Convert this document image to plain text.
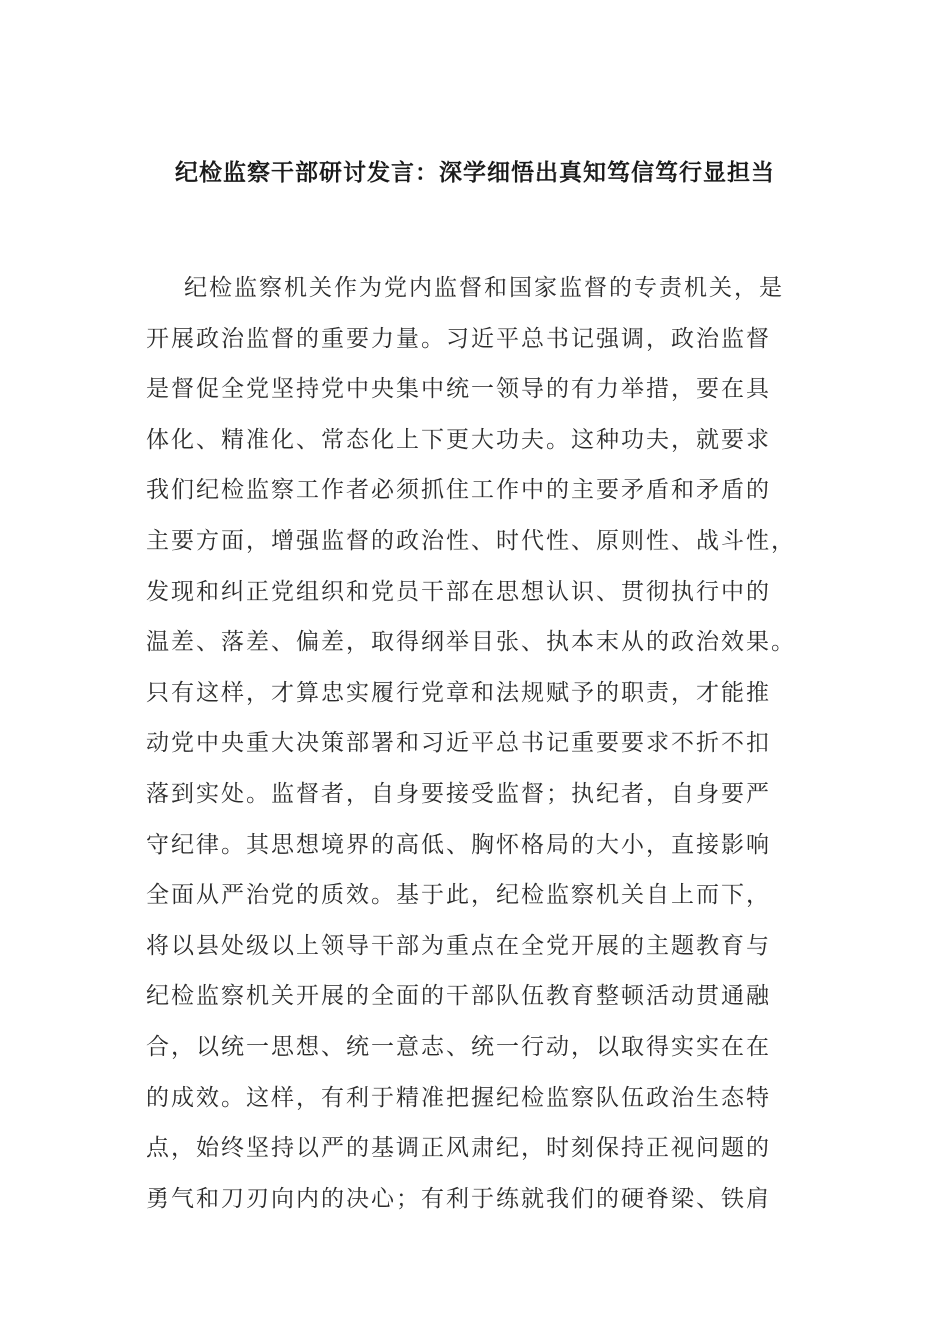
纪检监察干部研讨发言：深学细悟出真知笃信笃行显担当
纪检监察机关作为党内监督和国家监督的专责机关，是
开展政治监督的重要力量。习近平总书记强调，政治监督
是督促全党坚持党中央集中统一领导的有力举措，要在具
体化、精准化、常态化上下更大功夫。这种功夫，就要求
我们纪检监察工作者必须抓住工作中的主要矛盾和矛盾的
主要方面，增强监督的政治性、时代性、原则性、战斗性，
发现和纠正党组织和党员干部在思想认识、贯彻执行中的
温差、落差、偏差，取得纲举目张、执本末从的政治效果。
只有这样，才算忠实履行党章和法规赋予的职责，才能推
动党中央重大决策部署和习近平总书记重要要求不折不扣
落到实处。监督者，自身要接受监督；执纪者，自身要严
守纪律。其思想境界的高低、胸怀格局的大小，直接影响
全面从严治党的质效。基于此，纪检监察机关自上而下，
将以县处级以上领导干部为重点在全党开展的主题教育与
纪检监察机关开展的全面的干部队伍教育整顿活动贯通融
合，以统一思想、统一意志、统一行动，以取得实实在在
的成效。这样，有利于精准把握纪检监察队伍政治生态特
点，始终坚持以严的基调正风肃纪，时刻保持正视问题的
勇气和刀刃向内的决心；有利于练就我们的硬脊梁、铁肩
